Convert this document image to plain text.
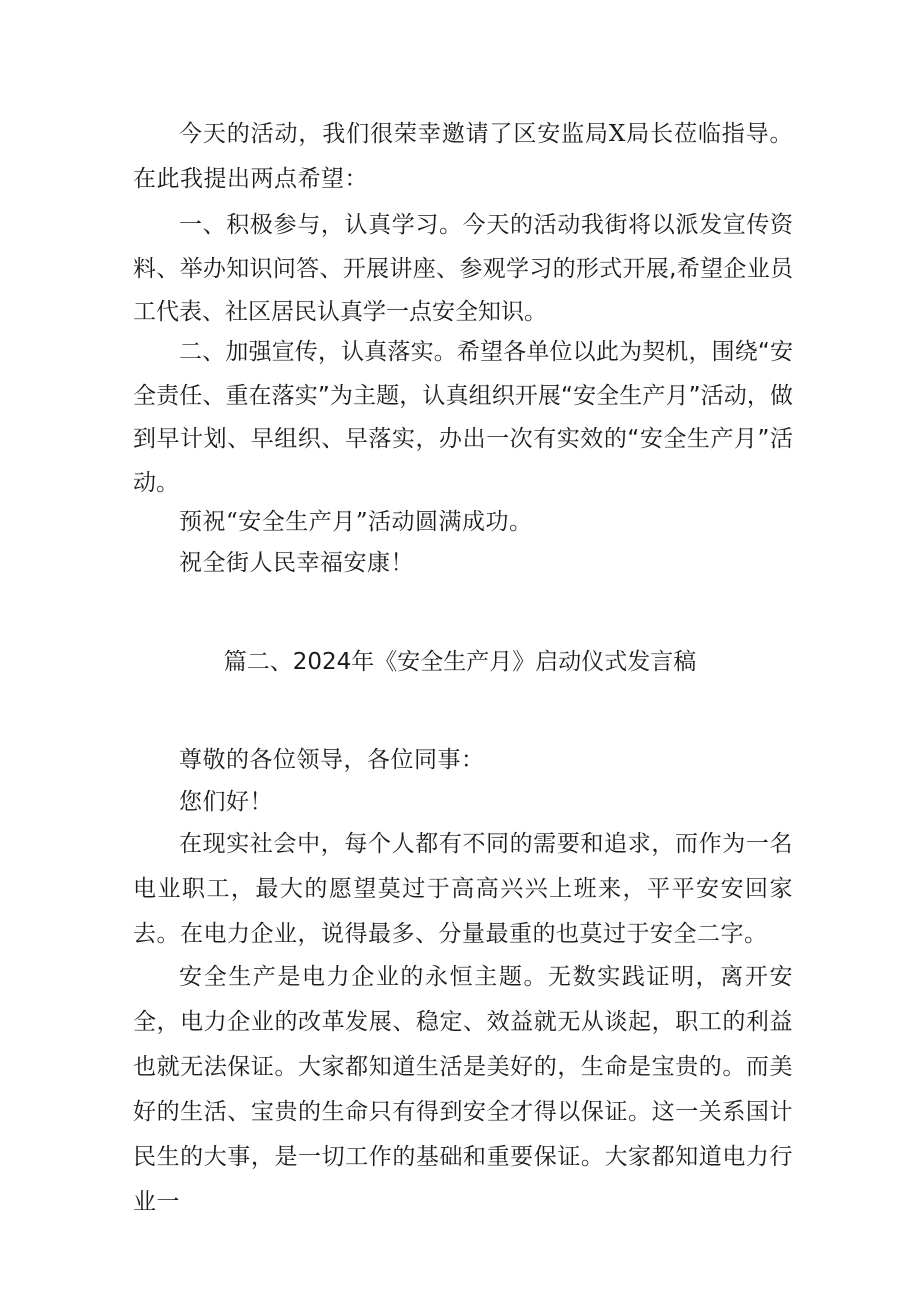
今天的活动，我们很荣幸邀请了区安监局X局长莅临指导。在此我提出两点希望：

一、积极参与，认真学习。今天的活动我街将以派发宣传资料、举办知识问答、开展讲座、参观学习的形式开展,希望企业员工代表、社区居民认真学一点安全知识。

二、加强宣传，认真落实。希望各单位以此为契机，围绕“安全责任、重在落实”为主题，认真组织开展“安全生产月”活动，做到早计划、早组织、早落实，办出一次有实效的“安全生产月”活动。

预祝“安全生产月”活动圆满成功。

祝全街人民幸福安康！

篇二、2024年《安全生产月》启动仪式发言稿

尊敬的各位领导，各位同事：

您们好！

在现实社会中，每个人都有不同的需要和追求，而作为一名电业职工，最大的愿望莫过于高高兴兴上班来，平平安安回家去。在电力企业，说得最多、分量最重的也莫过于安全二字。

安全生产是电力企业的永恒主题。无数实践证明，离开安全，电力企业的改革发展、稳定、效益就无从谈起，职工的利益也就无法保证。大家都知道生活是美好的，生命是宝贵的。而美好的生活、宝贵的生命只有得到安全才得以保证。这一关系国计民生的大事，是一切工作的基础和重要保证。大家都知道电力行业一
